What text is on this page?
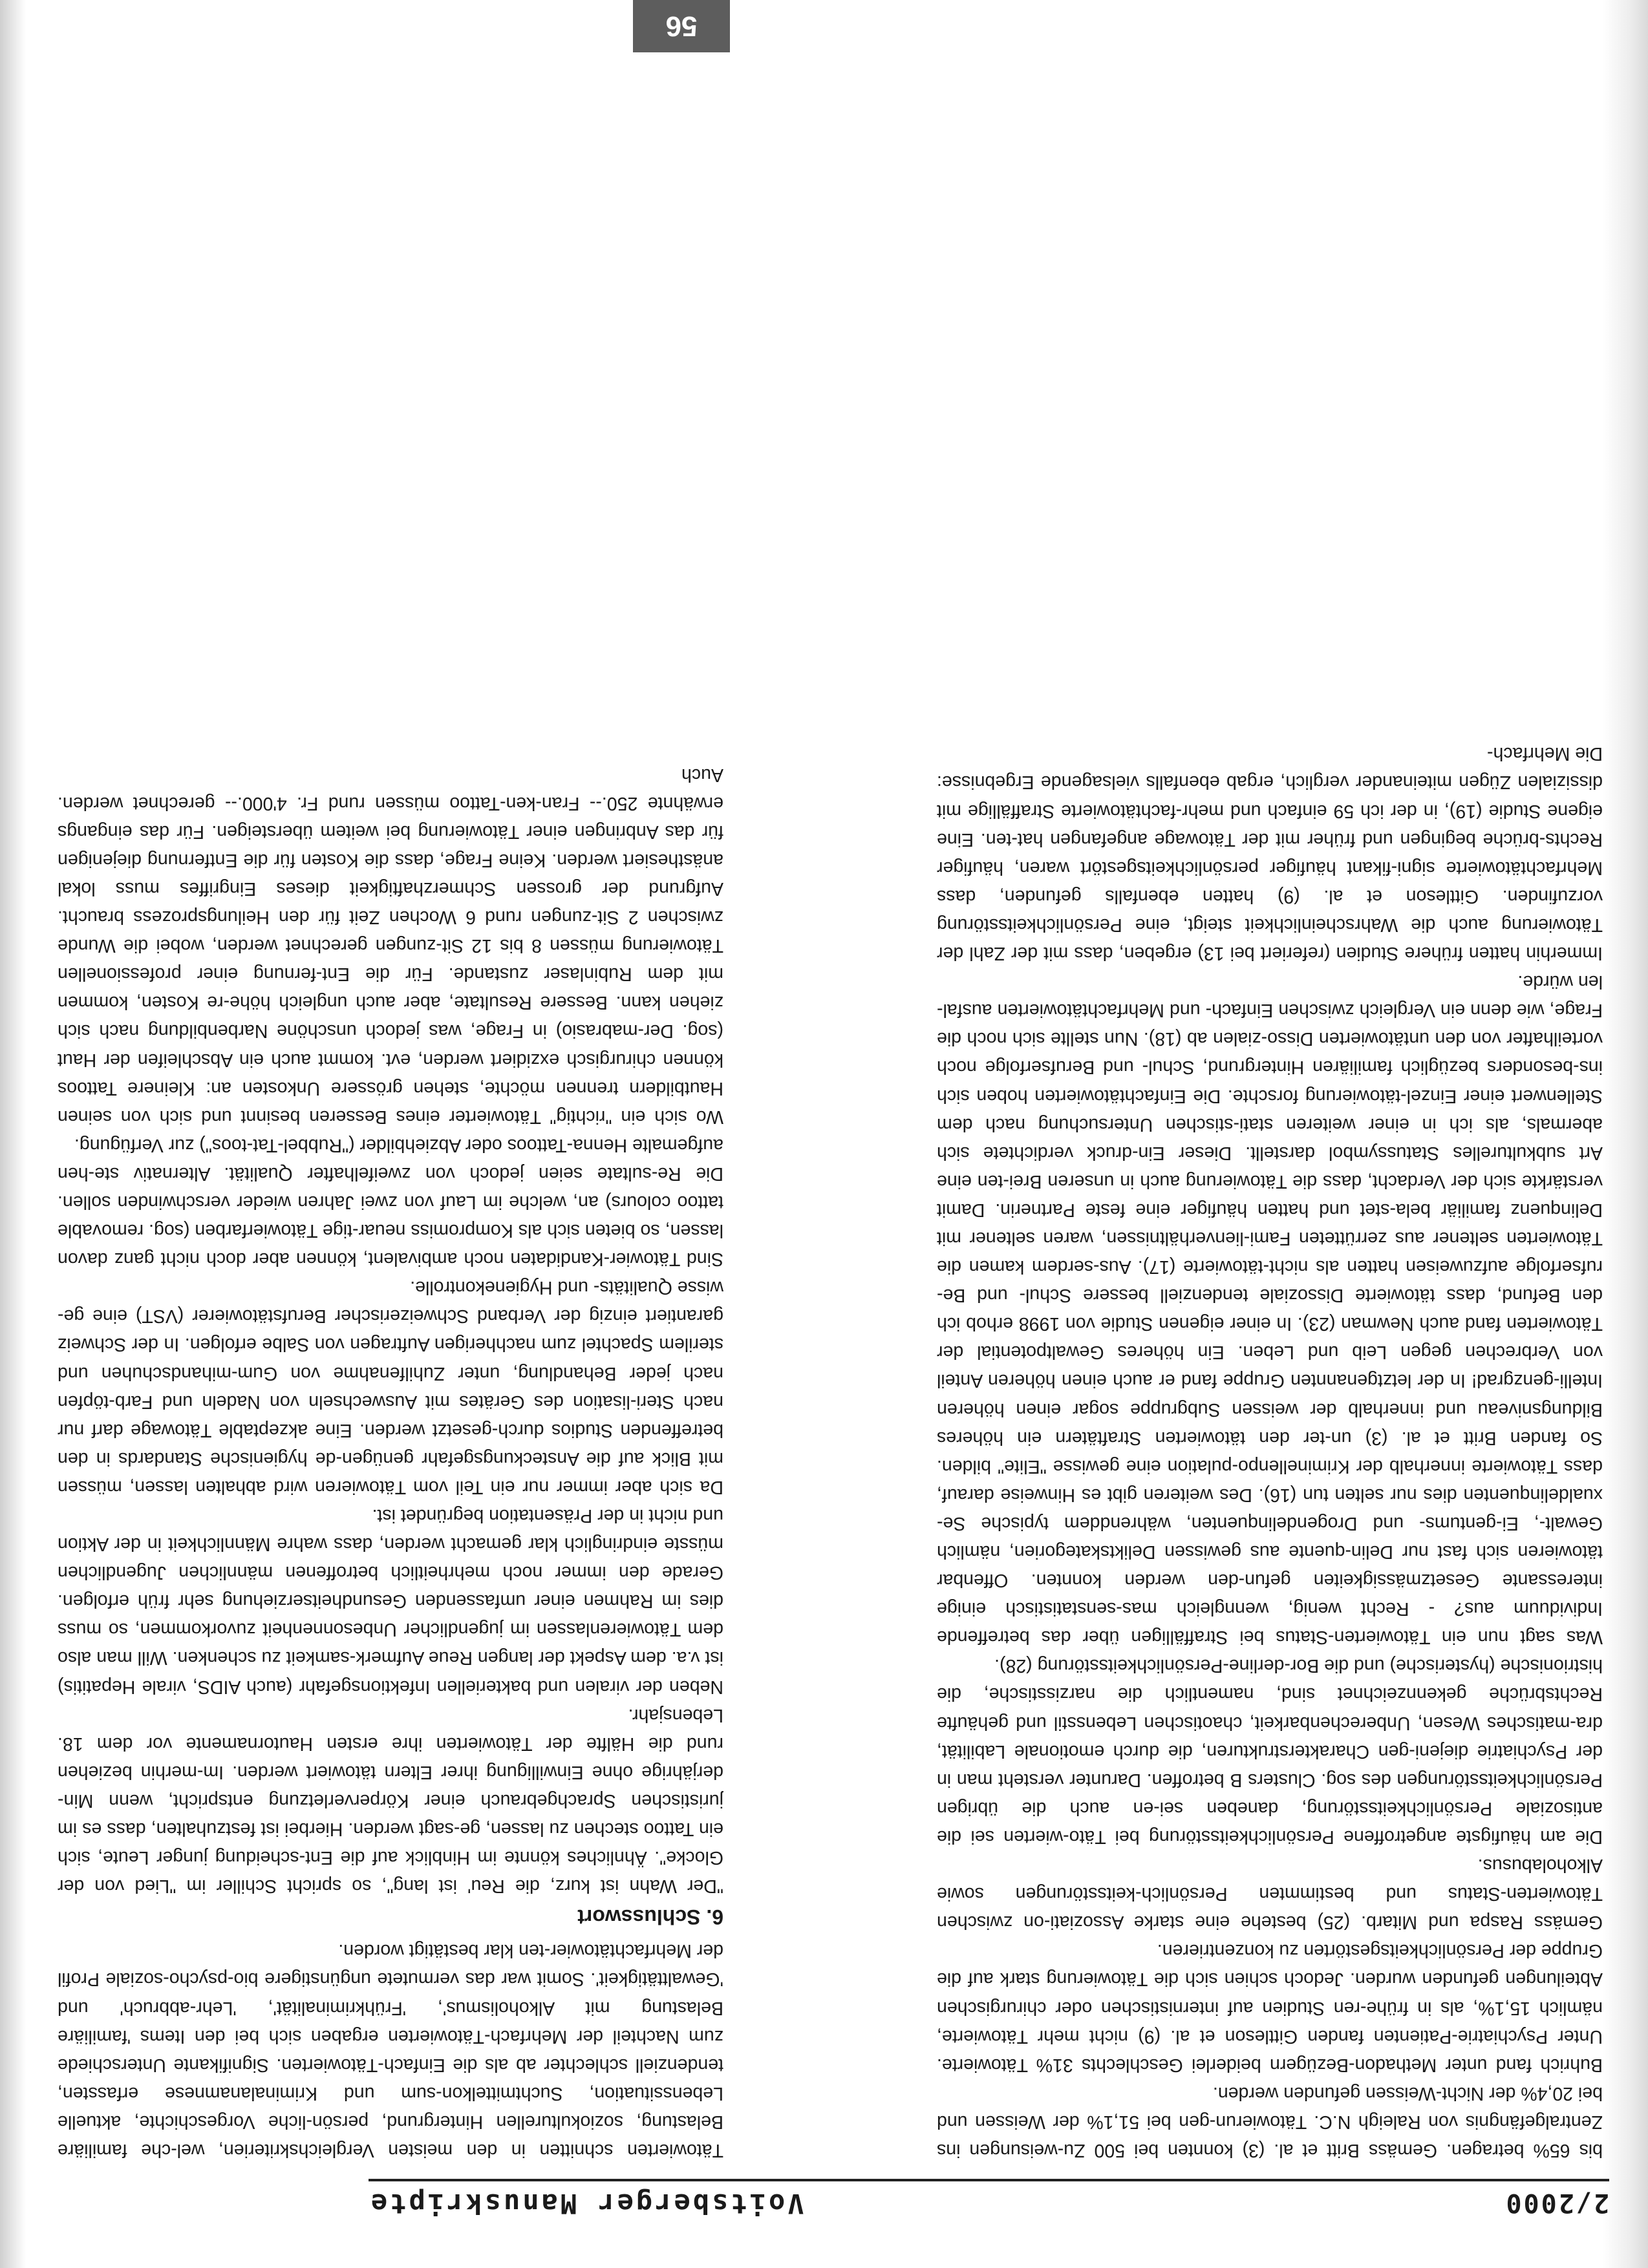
2/2000
Voitsberger Manuskripte

bis 65% betragen. Gemäss Britt et al. (3) konnten bei 500 Zu-weisungen ins Zentralgefängnis von Raleigh N.C. Tätowierun-gen bei 51,1% der Weissen und bei 20,4% der Nicht-Weissen gefunden werden.

Buhrich fand unter Methadon-Bezügern beiderlei Geschlechts 31% Tätowierte. Unter Psychiatrie-Patienten fanden Gittleson et al. (9) nicht mehr Tätowierte, nämlich 15,1%, als in frühe-ren Studien auf internistischen oder chirurgischen Abteilungen gefunden wurden. Jedoch schien sich die Tätowierung stark auf die Gruppe der Persönlichkeitsgestörten zu konzentrieren.

Gemäss Raspa und Mitarb. (25) bestehe eine starke Assoziati-on zwischen Tätowierten-Status und bestimmten Persönlich-keitsstörungen sowie Alkoholabusus.

Die am häufigste angetroffene Persönlichkeitsstörung bei Täto-wierten sei die antisoziale Persönlichkeitsstörung, daneben sei-en auch die übrigen Persönlichkeitsstörungen des sog. Clusters B betroffen. Darunter versteht man in der Psychiatrie diejeni-gen Charakterstrukturen, die durch emotionale Labilität, dra-matisches Wesen, Unberechenbarkeit, chaotischen Lebensstil und gehäufte Rechtsbrüche gekennzeichnet sind, namentlich die narzisstische, die histrionische (hysterische) und die Bor-derline-Persönlichkeitsstörung (28).

Was sagt nun ein Tätowierten-Status bei Straffälligen über das betreffende Individuum aus? - Recht wenig, wenngleich mas-senstatistisch einige interessante Gesetzmässigkeiten gefun-den werden konnten. Offenbar tätowieren sich fast nur Delin-quente aus gewissen Deliktskategorien, nämlich Gewalt-, Ei-gentums- und Drogendelinquenten, währenddem typische Se-xualdelinquenten dies nur selten tun (16). Des weiteren gibt es Hinweise darauf, dass Tätowierte innerhalb der Kriminellenpo-pulation eine gewisse "Elite" bilden. So fanden Britt et al. (3) un-ter den tätowierten Straftätern ein höheres Bildungsniveau und innerhalb der weissen Subgruppe sogar einen höheren Intelli-genzgrad! In der letztgenannten Gruppe fand er auch einen höheren Anteil von Verbrechen gegen Leib und Leben. Ein höheres Gewaltpotential der Tätowierten fand auch Newman (23). In einer eigenen Studie von 1998 erhob ich den Befund, dass tätowierte Dissoziale tendenziell bessere Schul- und Be-rufserfolge aufzuweisen hatten als nicht-tätowierte (17). Aus-serdem kamen die Tätowierten seltener aus zerrütteten Fami-lienverhältnissen, waren seltener mit Delinquenz familiär bela-stet und hatten häufiger eine feste Partnerin. Damit verstärkte sich der Verdacht, dass die Tätowierung auch in unseren Brei-ten eine Art subkulturelles Statussymbol darstellt. Dieser Ein-druck verdichtete sich abermals, als ich in einer weiteren stati-stischen Untersuchung nach dem Stellenwert einer Einzel-tätowierung forschte. Die Einfachtätowierten hoben sich ins-besonders bezüglich familiären Hintergrund, Schul- und Berufserfolge noch vorteilhafter von den untätowierten Disso-zialen ab (18). Nun stellte sich noch die Frage, wie denn ein Vergleich zwischen Einfach- und Mehrfachtätowierten ausfal-len würde.

Immerhin hatten frühere Studien (referiert bei 13) ergeben, dass mit der Zahl der Tätowierung auch die Wahrscheinlichkeit steigt, eine Persönlichkeitsstörung vorzufinden. Gittleson et al. (9) hatten ebenfalls gefunden, dass Mehrfachtätowierte signi-fikant häufiger persönlichkeitsgestört waren, häufiger Rechts-brüche begingen und früher mit der Tätowage angefangen hat-ten. Eine eigene Studie (19), in der ich 59 einfach und mehr-fachtätowierte Straffällige mit dissizialen Zügen miteinander verglich, ergab ebenfalls vielsagende Ergebnisse: Die Mehrfach-

Tätowierten schnitten in den meisten Vergleichskriterien, wel-che familiäre Belastung, soziokulturellen Hintergrund, persön-liche Vorgeschichte, aktuelle Lebenssituation, Suchtmittelkon-sum und Kriminalanamnese erfassten, tendenziell schlechter ab als die Einfach-Tätowierten. Signifikante Unterschiede zum Nachteil der Mehrfach-Tätowierten ergaben sich bei den Items 'familiäre Belastung mit Alkoholismus', 'Frühkriminalität', 'Lehr-abbruch' und 'Gewalttätigkeit'. Somit war das vermutete ungünstigere bio-psycho-soziale Profil der Mehrfachtätowier-ten klar bestätigt worden.

6. Schlusswort

"Der Wahn ist kurz, die Reu' ist lang", so spricht Schiller im "Lied von der Glocke". Ähnliches könnte im Hinblick auf die Ent-scheidung junger Leute, sich ein Tattoo stechen zu lassen, ge-sagt werden. Hierbei ist festzuhalten, dass es im juristischen Sprachgebrauch einer Körperverletzung entspricht, wenn Min-derjährige ohne Einwilligung ihrer Eltern tätowiert werden. Im-merhin beziehen rund die Hälfte der Tätowierten ihre ersten Hautornamente vor dem 18. Lebensjahr.

Neben der viralen und bakteriellen Infektionsgefahr (auch AIDS, virale Hepatitis) ist v.a. dem Aspekt der langen Reue Aufmerk-samkeit zu schenken. Will man also dem Tätowierenlassen im jugendlicher Unbesonnenheit zuvorkommen, so muss dies im Rahmen einer umfassenden Gesundheitserziehung sehr früh erfolgen. Gerade den immer noch mehrheitlich betroffenen männlichen Jugendlichen müsste eindringlich klar gemacht werden, dass wahre Männlichkeit in der Aktion und nicht in der Präsentation begründet ist.

Da sich aber immer nur ein Teil vom Tätowieren wird abhalten lassen, müssen mit Blick auf die Ansteckungsgefahr genügen-de hygienische Standards in den betreffenden Studios durch-gesetzt werden. Eine akzeptable Tätowage darf nur nach Steri-lisation des Gerätes mit Auswechseln von Nadeln und Farb-töpfen nach jeder Behandlung, unter Zuhilfenahme von Gum-mihandschuhen und sterilem Spachtel zum nachherigen Auftragen von Salbe erfolgen. In der Schweiz garantiert einzig der Verband Schweizerischer Berufstätowierer (VST) eine ge-wisse Qualitäts- und Hygienekontrolle.

Sind Tätowier-Kandidaten noch ambivalent, können aber doch nicht ganz davon lassen, so bieten sich als Kompromiss neuar-tige Tätowierfarben (sog. removable tattoo colours) an, welche im Lauf von zwei Jahren wieder verschwinden sollen. Die Re-sultate seien jedoch von zweifelhafter Qualität. Alternativ ste-hen aufgemalte Henna-Tattoos oder Abziehbilder ("Rubbel-Tat-toos") zur Verfügung.

Wo sich ein "richtig" Tätowierter eines Besseren besinnt und sich von seinen Hautbildern trennen möchte, stehen grössere Unkosten an: Kleinere Tattoos können chirurgisch exzidiert werden, evt. kommt auch ein Abschleifen der Haut (sog. Der-mabrasio) in Frage, was jedoch unschöne Narbenbildung nach sich ziehen kann. Bessere Resultate, aber auch ungleich höhe-re Kosten, kommen mit dem Rubinlaser zustande. Für die Ent-fernung einer professionellen Tätowierung müssen 8 bis 12 Sit-zungen gerechnet werden, wobei die Wunde zwischen 2 Sit-zungen rund 6 Wochen Zeit für den Heilungsprozess braucht. Aufgrund der grossen Schmerzhaftigkeit dieses Eingriffes muss lokal anästhesiert werden. Keine Frage, dass die Kosten für die Entfernung diejenigen für das Anbringen einer Tätowierung bei weitem übersteigen. Für das eingangs erwähnte 250.-- Fran-ken-Tattoo müssen rund Fr. 4'000.-- gerechnet werden. Auch

56
